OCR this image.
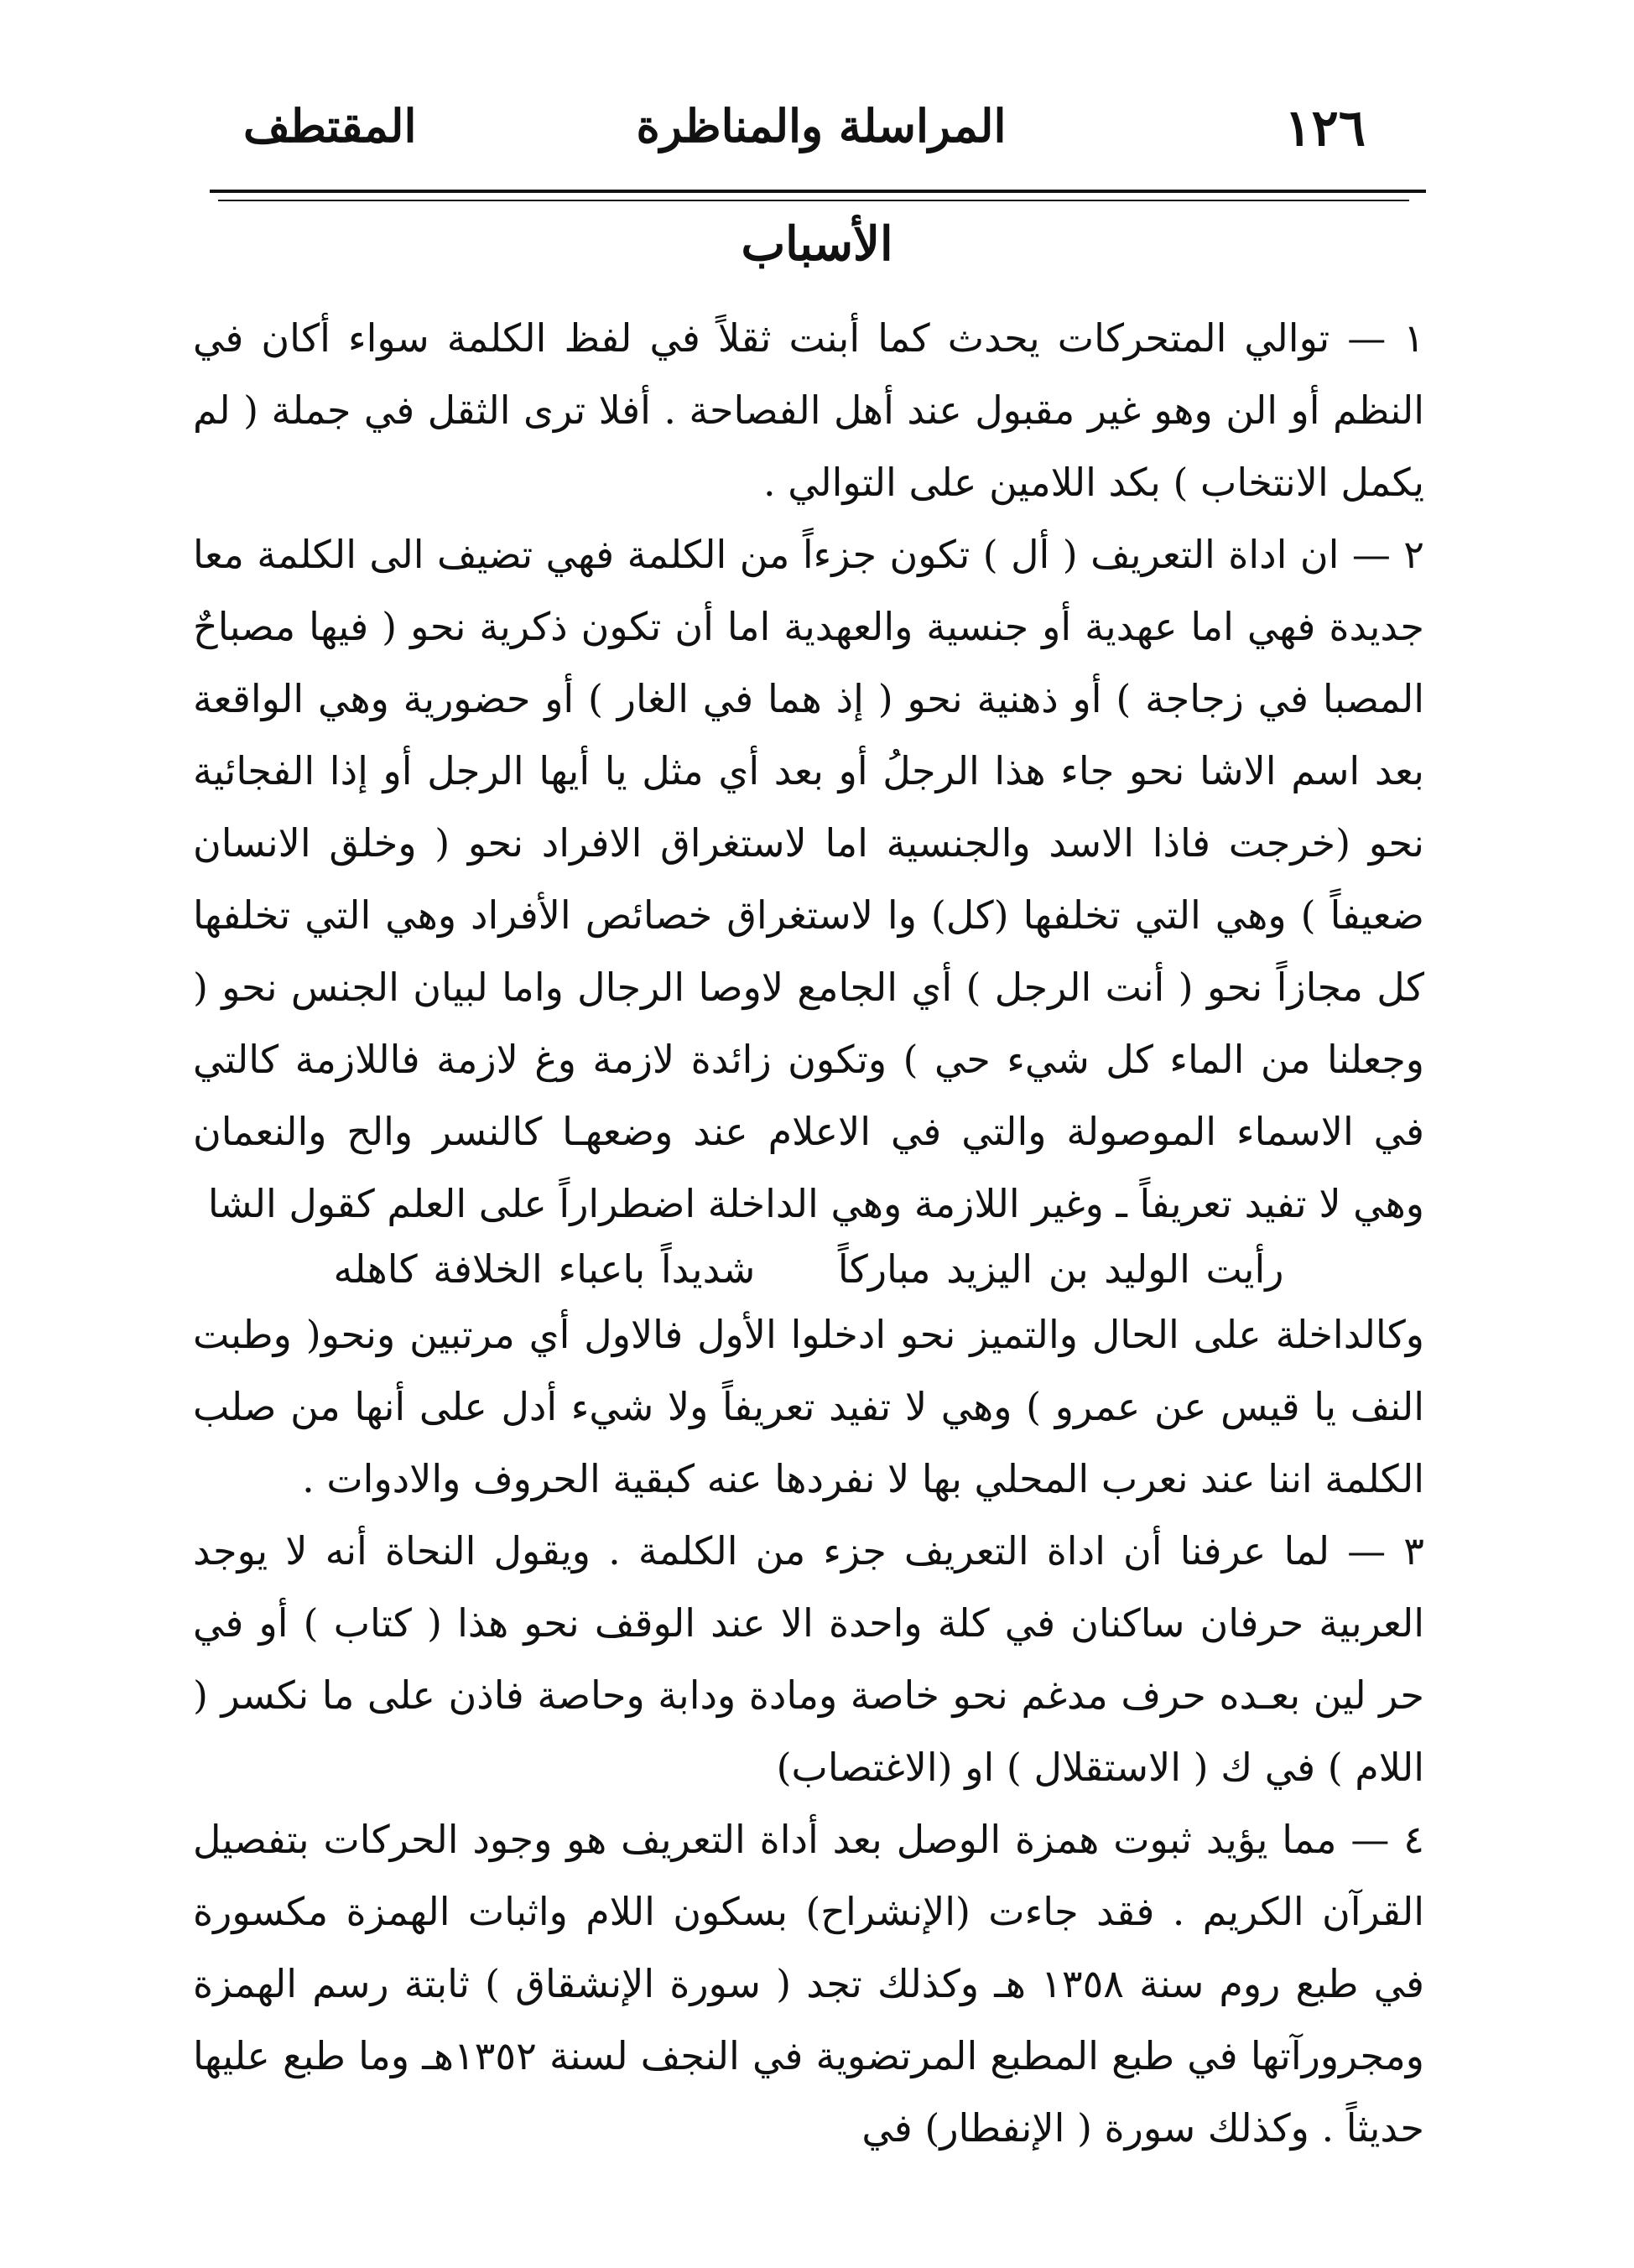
١٢٦
المراسلة والمناظرة
المقتطف
الأسباب

١ — توالي المتحركات يحدث كما أبنت ثقلاً في لفظ الكلمة سواء أكان في النظم أو الن وهو غير مقبول عند أهل الفصاحة . أفلا ترى الثقل في جملة ( لم يكمل الانتخاب ) بكد اللامين على التوالي .

٢ — ان اداة التعريف ( أل ) تكون جزءاً من الكلمة فهي تضيف الى الكلمة معا جديدة فهي اما عهدية أو جنسية والعهدية اما أن تكون ذكرية نحو ( فيها مصباحٌ المصبا في زجاجة ) أو ذهنية نحو ( إذ هما في الغار ) أو حضورية وهي الواقعة بعد اسم الاشا نحو جاء هذا الرجلُ أو بعد أي مثل يا أيها الرجل أو إذا الفجائية نحو (خرجت فاذا الاسد والجنسية اما لاستغراق الافراد نحو ( وخلق الانسان ضعيفاً ) وهي التي تخلفها (كل) وا لاستغراق خصائص الأفراد وهي التي تخلفها كل مجازاً نحو ( أنت الرجل ) أي الجامع لاوصا الرجال واما لبيان الجنس نحو ( وجعلنا من الماء كل شيء حي ) وتكون زائدة لازمة وغ لازمة فاللازمة كالتي في الاسماء الموصولة والتي في الاعلام عند وضعهـا كالنسر والح والنعمان وهي لا تفيد تعريفاً ـ وغير اللازمة وهي الداخلة اضطراراً على العلم كقول الشا

رأيت الوليد بن اليزيد مباركاً شديداً باعباء الخلافة كاهله

وكالداخلة على الحال والتميز نحو ادخلوا الأول فالاول أي مرتبين ونحو( وطبت النف يا قيس عن عمرو ) وهي لا تفيد تعريفاً ولا شيء أدل على أنها من صلب الكلمة اننا عند نعرب المحلي بها لا نفردها عنه كبقية الحروف والادوات .

٣ — لما عرفنا أن اداة التعريف جزء من الكلمة . ويقول النحاة أنه لا يوجد العربية حرفان ساكنان في كلة واحدة الا عند الوقف نحو هذا ( كتاب ) أو في حر لين بعـده حرف مدغم نحو خاصة ومادة ودابة وحاصة فاذن على ما نكسر ( اللام ) في ك ( الاستقلال ) او (الاغتصاب)

٤ — مما يؤيد ثبوت همزة الوصل بعد أداة التعريف هو وجود الحركات بتفصيل القرآن الكريم . فقد جاءت (الإنشراح) بسكون اللام واثبات الهمزة مكسورة في طبع روم سنة ١٣٥٨ هـ وكذلك تجد ( سورة الإنشقاق ) ثابتة رسم الهمزة ومجرورآتها في طبع المطبع المرتضوية في النجف لسنة ١٣٥٢هـ وما طبع عليها حديثاً . وكذلك سورة ( الإنفطار) في
